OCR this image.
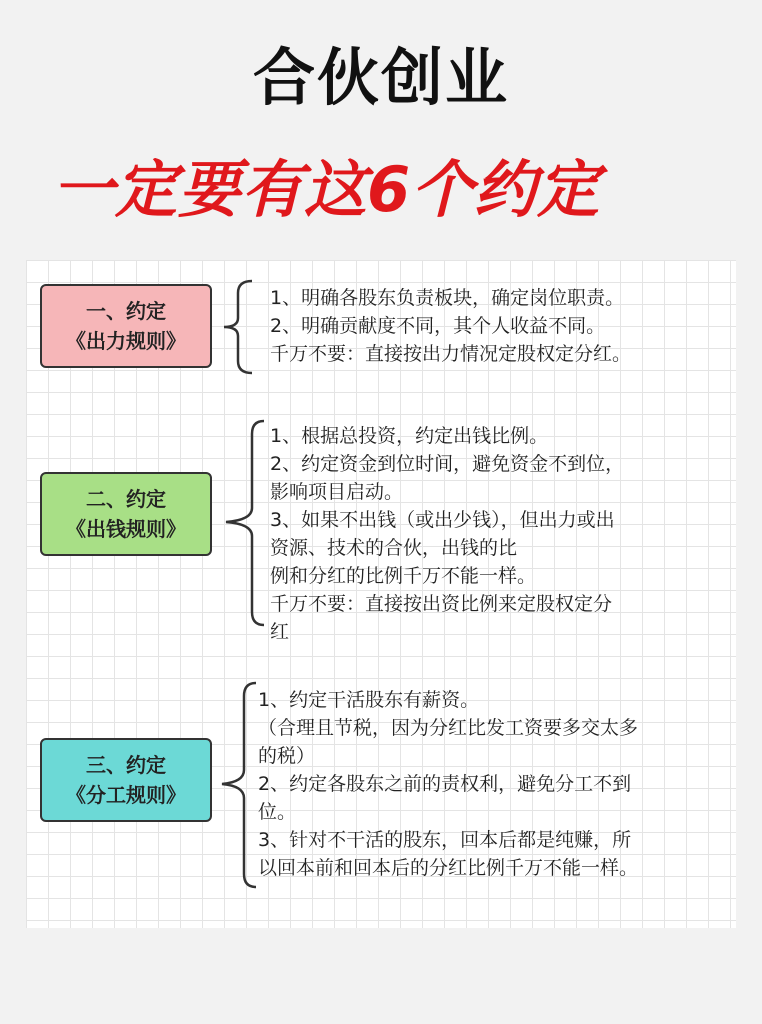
合伙创业
一定要有这6个约定
一、约定
《出力规则》
1、明确各股东负责板块，确定岗位职责。
2、明确贡献度不同，其个人收益不同。
千万不要：直接按出力情况定股权定分红。
二、约定
《出钱规则》
1、根据总投资，约定出钱比例。
2、约定资金到位时间，避免资金不到位，
影响项目启动。
3、如果不出钱（或出少钱），但出力或出
资源、技术的合伙，出钱的比
例和分红的比例千万不能一样。
千万不要：直接按出资比例来定股权定分
红
三、约定
《分工规则》
1、约定干活股东有薪资。
（合理且节税，因为分红比发工资要多交太多
的税）
2、约定各股东之前的责权利，避免分工不到
位。
3、针对不干活的股东，回本后都是纯赚，所
以回本前和回本后的分红比例千万不能一样。
